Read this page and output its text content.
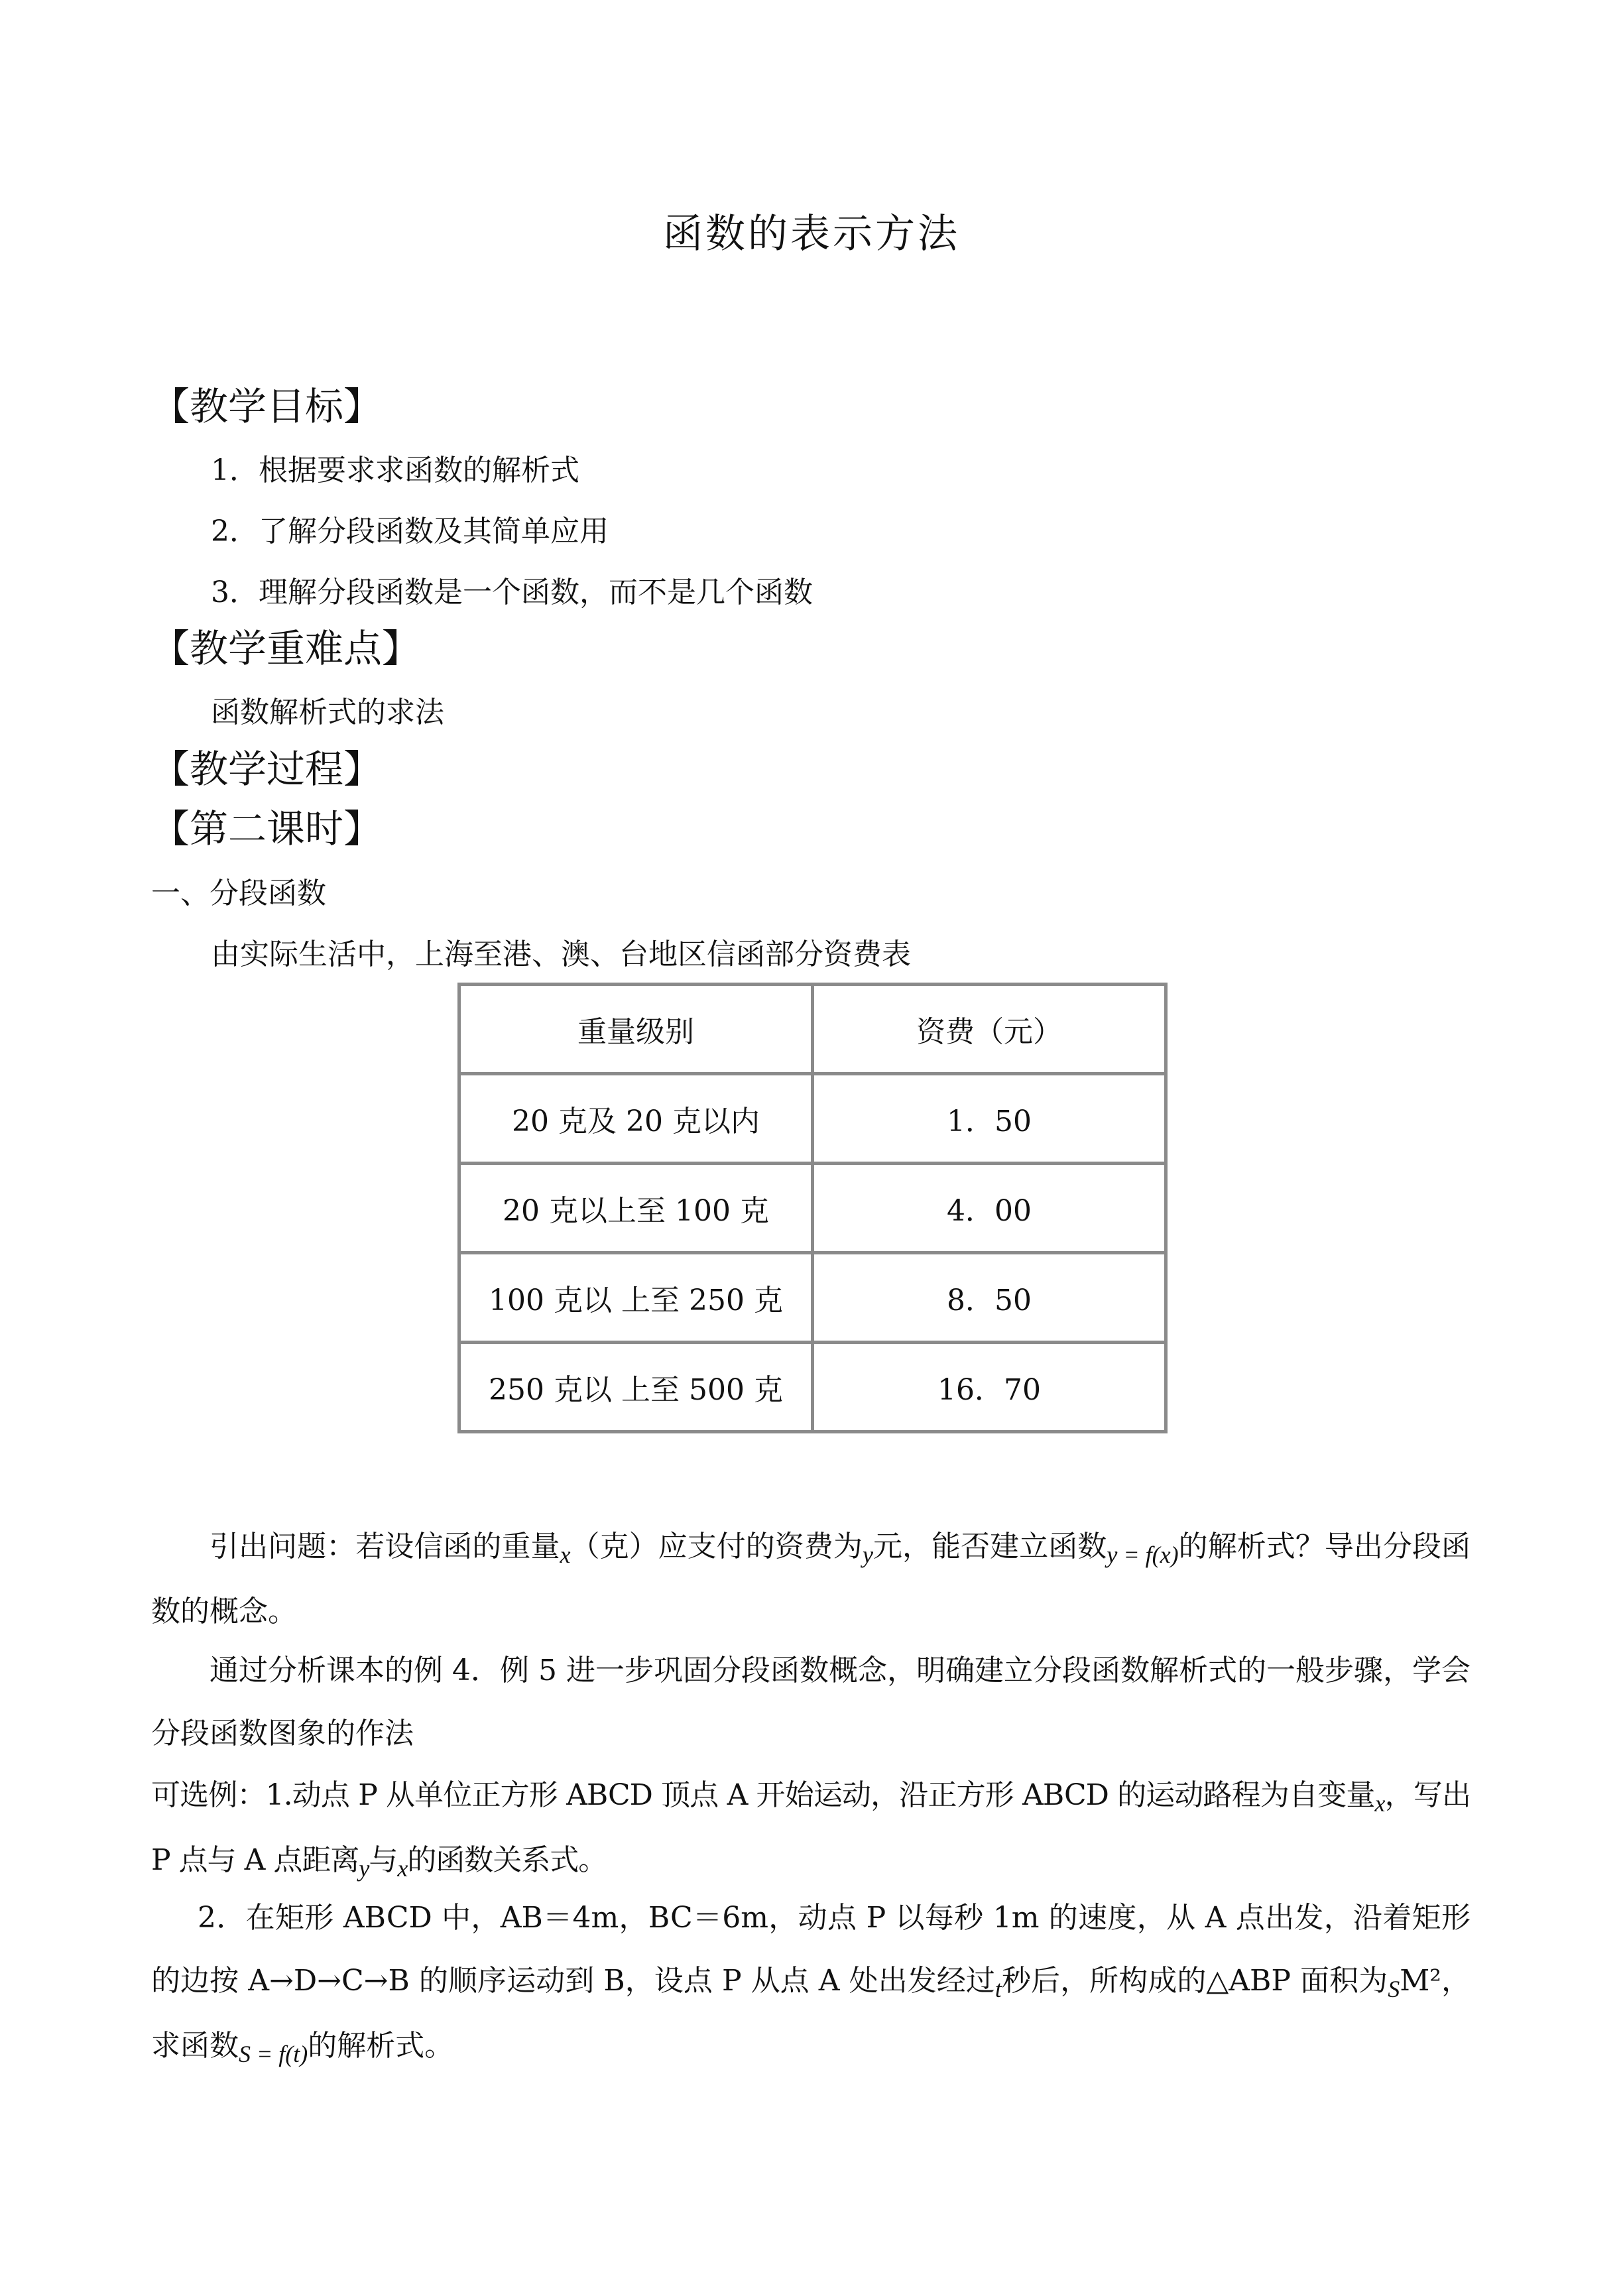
函数的表示方法
【教学目标】
1．根据要求求函数的解析式
2．了解分段函数及其简单应用
3．理解分段函数是一个函数，而不是几个函数
【教学重难点】
函数解析式的求法
【教学过程】
【第二课时】
一、分段函数
由实际生活中，上海至港、澳、台地区信函部分资费表
重量级别	资费（元）
20 克及 20 克以内	1．50
20 克以上至 100 克	4．00
100 克以 上至 250 克	8．50
250 克以 上至 500 克	16．70
引出问题：若设信函的重量$_x$（克）应支付的资费为$_y$元，能否建立函数$_{y = f(x)}$的解析式？导出分段函数的概念。
通过分析课本的例 4．例 5 进一步巩固分段函数概念，明确建立分段函数解析式的一般步骤，学会分段函数图象的作法
可选例：1.动点 P 从单位正方形 ABCD 顶点 A 开始运动，沿正方形 ABCD 的运动路程为自变量$_x$，写出 P 点与 A 点距离$_y$与$_x$的函数关系式。
2．在矩形 ABCD 中，AB＝4m，BC＝6m，动点 P 以每秒 1m 的速度，从 A 点出发，沿着矩形的边按 A→D→C→B 的顺序运动到 B，设点 P 从点 A 处出发经过$_t$秒后，所构成的△ABP 面积为$_S$M²，求函数$_{S = f(t)}$的解析式。
